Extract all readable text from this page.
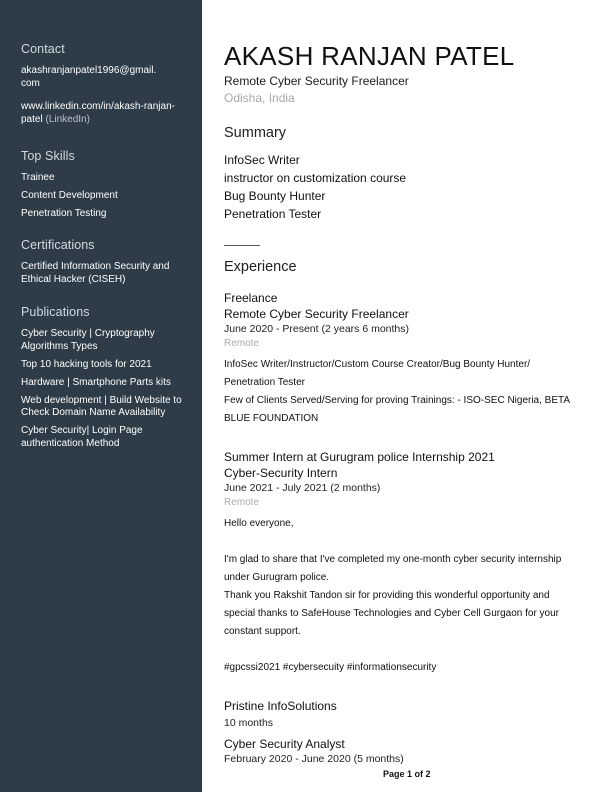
Contact
akashranjanpatel1996@gmail.
com
www.linkedin.com/in/akash-ranjan-
patel (LinkedIn)
Top Skills
Trainee
Content Development
Penetration Testing
Certifications
Certified Information Security and
Ethical Hacker (CISEH)
Publications
Cyber Security | Cryptography
Algorithms Types
Top 10 hacking tools for 2021
Hardware | Smartphone Parts kits
Web development | Build Website to
Check Domain Name Availability
Cyber Security| Login Page
authentication Method
AKASH RANJAN PATEL
Remote Cyber Security Freelancer
Odisha, India
Summary
InfoSec Writer
instructor on customization course
Bug Bounty Hunter
Penetration Tester
Experience
Freelance
Remote Cyber Security Freelancer
June 2020 - Present (2 years 6 months)
Remote
InfoSec Writer/Instructor/Custom Course Creator/Bug Bounty Hunter/
Penetration Tester
Few of Clients Served/Serving for proving Trainings: - ISO-SEC Nigeria, BETA
BLUE FOUNDATION
Summer Intern at Gurugram police Internship 2021
Cyber-Security Intern
June 2021 - July 2021 (2 months)
Remote
Hello everyone,
I'm glad to share that I've completed my one-month cyber security internship
under Gurugram police.
Thank you Rakshit Tandon sir for providing this wonderful opportunity and
special thanks to SafeHouse Technologies and Cyber Cell Gurgaon for your
constant support.
#gpcssi2021 #cybersecuity #informationsecurity
Pristine InfoSolutions
10 months
Cyber Security Analyst
February 2020 - June 2020 (5 months)
Page 1 of 2
